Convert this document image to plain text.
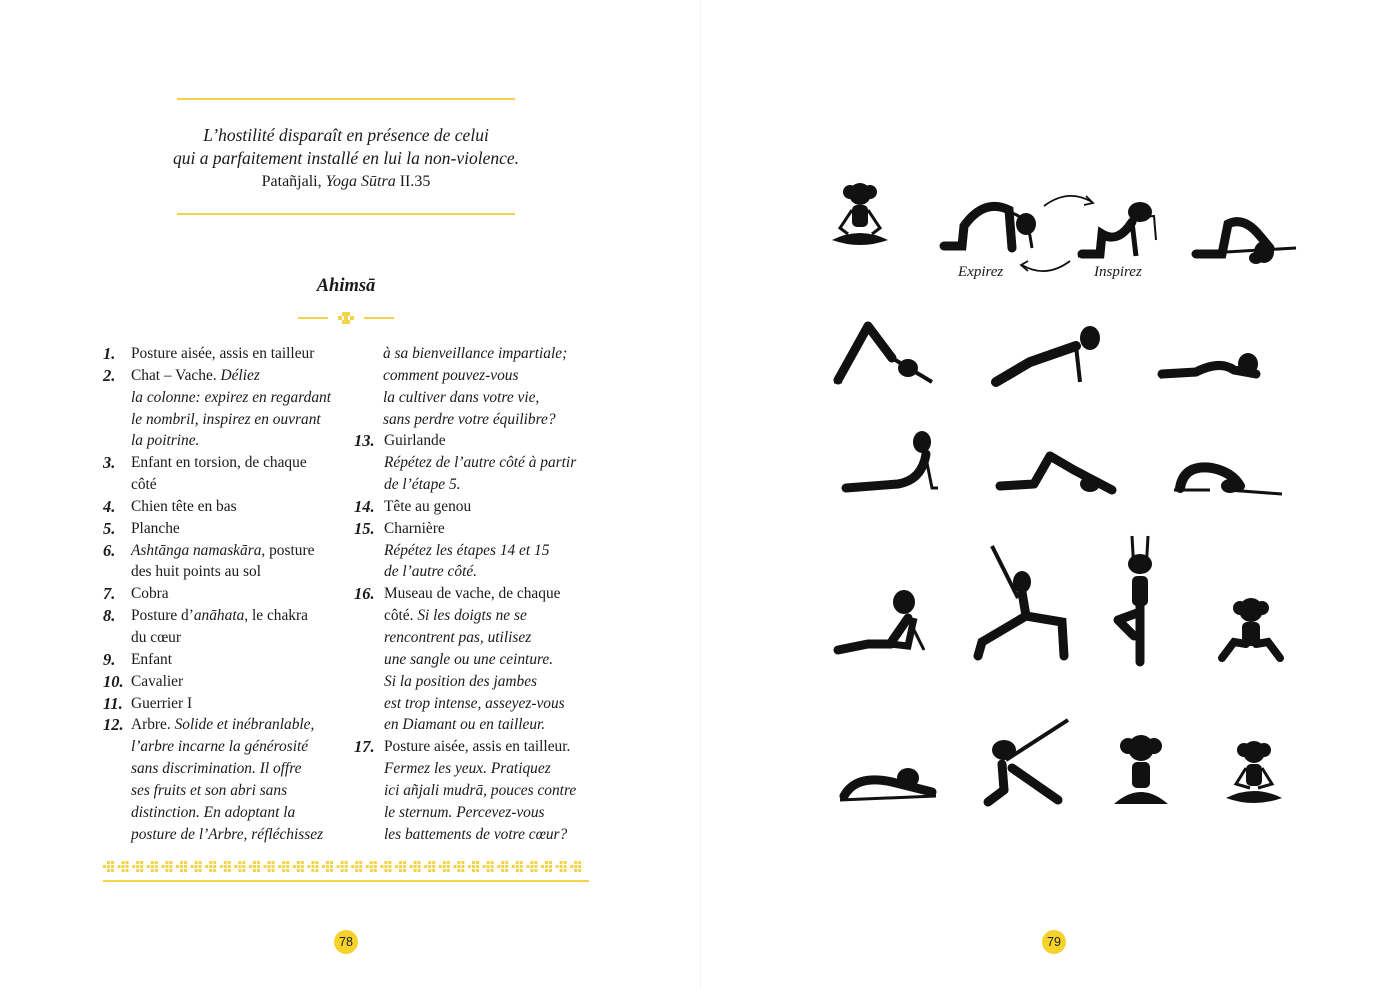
L’hostilité disparaît en présence de celui
qui a parfaitement installé en lui la non-violence.
Patañjali, Yoga Sūtra II.35
Ahimsā
1. Posture aisée, assis en tailleur
2. Chat – Vache. Déliez
la colonne: expirez en regardant
le nombril, inspirez en ouvrant
la poitrine.
3. Enfant en torsion, de chaque
côté
4. Chien tête en bas
5. Planche
6. Ashtānga namaskāra, posture
des huit points au sol
7. Cobra
8. Posture d’anāhata, le chakra
du cœur
9. Enfant
10. Cavalier
11. Guerrier I
12. Arbre. Solide et inébranlable,
l’arbre incarne la générosité
sans discrimination. Il offre
ses fruits et son abri sans
distinction. En adoptant la
posture de l’Arbre, réfléchissez
à sa bienveillance impartiale;
comment pouvez-vous
la cultiver dans votre vie,
sans perdre votre équilibre?
13. Guirlande
Répétez de l’autre côté à partir
de l’étape 5.
14. Tête au genou
15. Charnière
Répétez les étapes 14 et 15
de l’autre côté.
16. Museau de vache, de chaque
côté. Si les doigts ne se
rencontrent pas, utilisez
une sangle ou une ceinture.
Si la position des jambes
est trop intense, asseyez-vous
en Diamant ou en tailleur.
17. Posture aisée, assis en tailleur.
Fermez les yeux. Pratiquez
ici añjali mudrā, pouces contre
le sternum. Percevez-vous
les battements de votre cœur?
78	79
Expirez	Inspirez
